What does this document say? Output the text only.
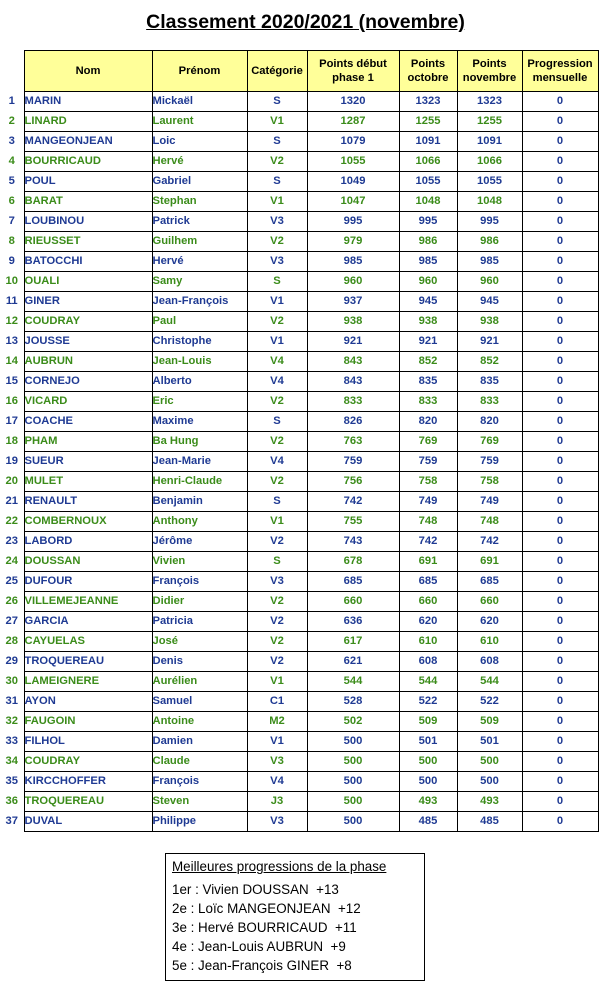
Classement 2020/2021 (novembre)
	Nom	Prénom	Catégorie	Points début phase 1	Points octobre	Points novembre	Progression mensuelle
1	MARIN	Mickaël	S	1320	1323	1323	0
2	LINARD	Laurent	V1	1287	1255	1255	0
3	MANGEONJEAN	Loic	S	1079	1091	1091	0
4	BOURRICAUD	Hervé	V2	1055	1066	1066	0
5	POUL	Gabriel	S	1049	1055	1055	0
6	BARAT	Stephan	V1	1047	1048	1048	0
7	LOUBINOU	Patrick	V3	995	995	995	0
8	RIEUSSET	Guilhem	V2	979	986	986	0
9	BATOCCHI	Hervé	V3	985	985	985	0
10	OUALI	Samy	S	960	960	960	0
11	GINER	Jean-François	V1	937	945	945	0
12	COUDRAY	Paul	V2	938	938	938	0
13	JOUSSE	Christophe	V1	921	921	921	0
14	AUBRUN	Jean-Louis	V4	843	852	852	0
15	CORNEJO	Alberto	V4	843	835	835	0
16	VICARD	Eric	V2	833	833	833	0
17	COACHE	Maxime	S	826	820	820	0
18	PHAM	Ba Hung	V2	763	769	769	0
19	SUEUR	Jean-Marie	V4	759	759	759	0
20	MULET	Henri-Claude	V2	756	758	758	0
21	RENAULT	Benjamin	S	742	749	749	0
22	COMBERNOUX	Anthony	V1	755	748	748	0
23	LABORD	Jérôme	V2	743	742	742	0
24	DOUSSAN	Vivien	S	678	691	691	0
25	DUFOUR	François	V3	685	685	685	0
26	VILLEMEJEANNE	Didier	V2	660	660	660	0
27	GARCIA	Patricia	V2	636	620	620	0
28	CAYUELAS	José	V2	617	610	610	0
29	TROQUEREAU	Denis	V2	621	608	608	0
30	LAMEIGNERE	Aurélien	V1	544	544	544	0
31	AYON	Samuel	C1	528	522	522	0
32	FAUGOIN	Antoine	M2	502	509	509	0
33	FILHOL	Damien	V1	500	501	501	0
34	COUDRAY	Claude	V3	500	500	500	0
35	KIRCCHOFFER	François	V4	500	500	500	0
36	TROQUEREAU	Steven	J3	500	493	493	0
37	DUVAL	Philippe	V3	500	485	485	0
Meilleures progressions de la phase
1er : Vivien DOUSSAN  +13
2e : Loïc MANGEONJEAN  +12
3e : Hervé BOURRICAUD  +11
4e : Jean-Louis AUBRUN  +9
5e : Jean-François GINER  +8
